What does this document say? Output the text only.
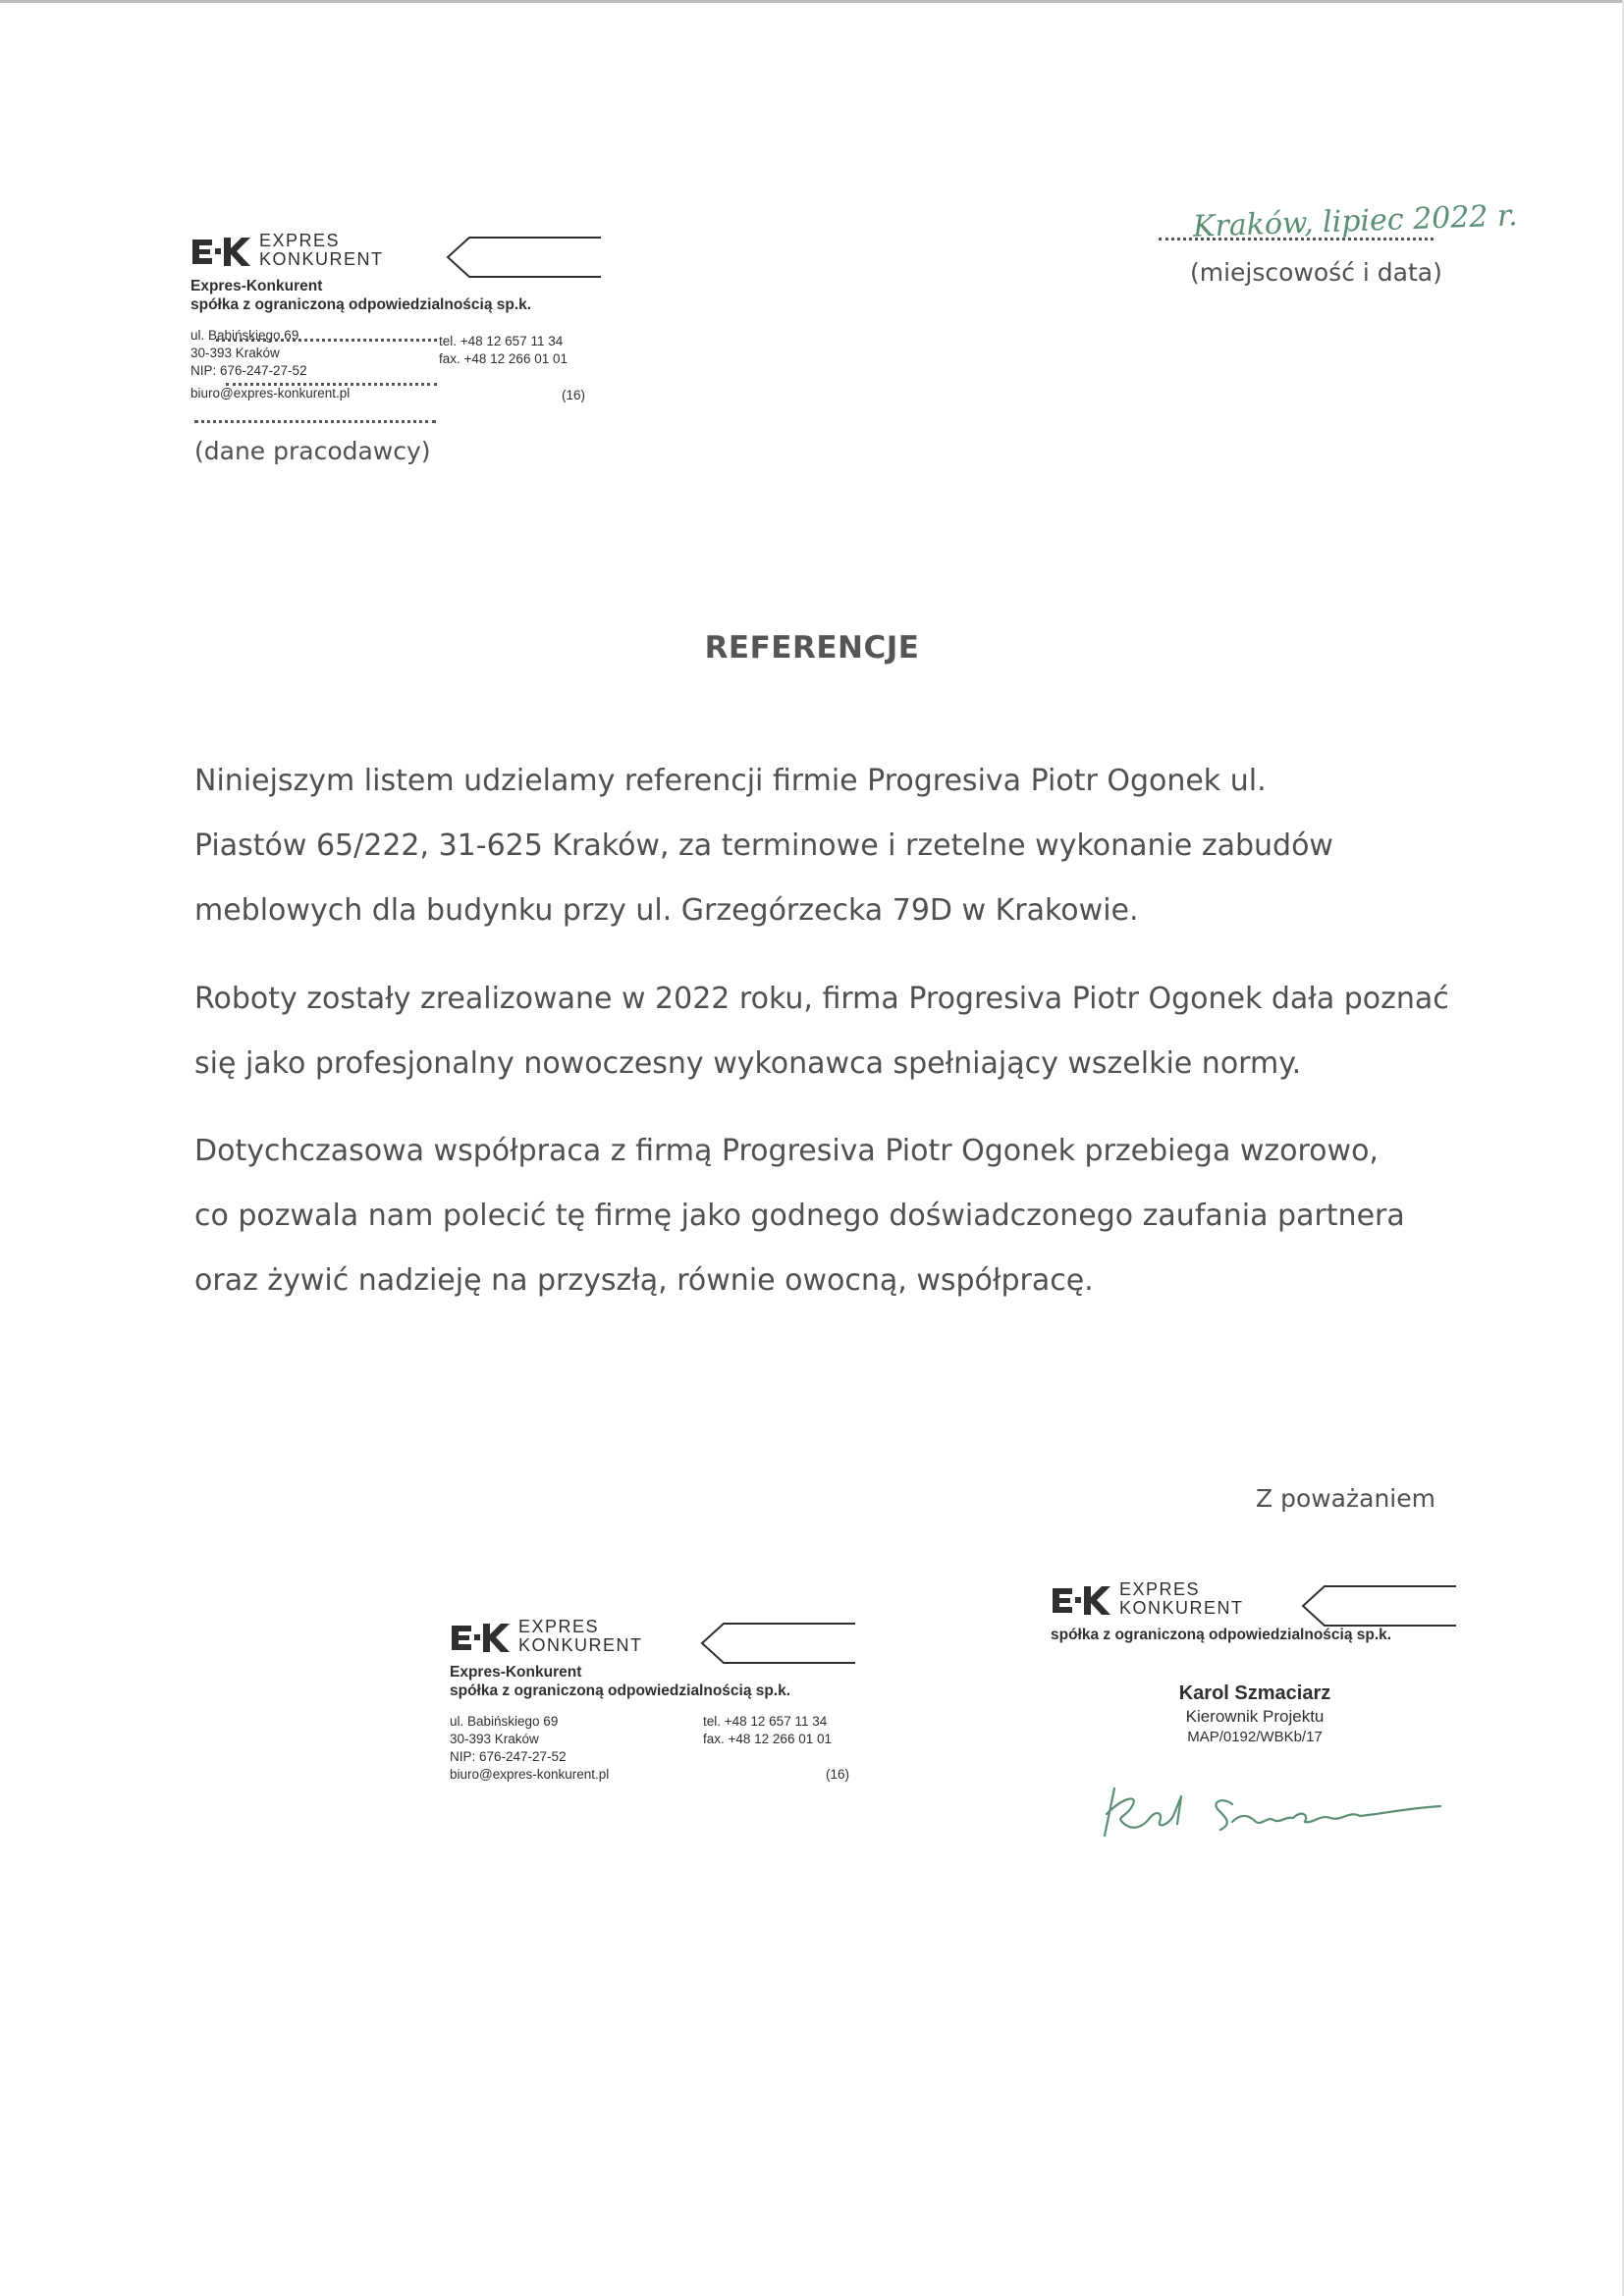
EXPRES
KONKURENT
Expres-Konkurent
spółka z ograniczoną odpowiedzialnością sp.k.
ul. Babińskiego 69
30-393 Kraków
NIP: 676-247-27-52
biuro@expres-konkurent.pl
tel. +48 12 657 11 34
fax. +48 12 266 01 01
(16)
(dane pracodawcy)
Kraków, lipiec 2022 r.
(miejscowość i data)
REFERENCJE

Niniejszym listem udzielamy referencji firmie Progresiva Piotr Ogonek ul.

Piastów 65/222, 31-625 Kraków, za terminowe i rzetelne wykonanie zabudów

meblowych dla budynku przy ul. Grzegórzecka 79D w Krakowie.

Roboty zostały zrealizowane w 2022 roku, firma Progresiva Piotr Ogonek dała poznać

się jako profesjonalny nowoczesny wykonawca spełniający wszelkie normy.

Dotychczasowa współpraca z firmą Progresiva Piotr Ogonek przebiega wzorowo,

co pozwala nam polecić tę firmę jako godnego doświadczonego zaufania partnera

oraz żywić nadzieję na przyszłą, równie owocną, współpracę.

Z poważaniem
EXPRES
KONKURENT
Expres-Konkurent
spółka z ograniczoną odpowiedzialnością sp.k.
ul. Babińskiego 69
30-393 Kraków
NIP: 676-247-27-52
biuro@expres-konkurent.pl
tel. +48 12 657 11 34
fax. +48 12 266 01 01
(16)
EXPRES
KONKURENT
spółka z ograniczoną odpowiedzialnością sp.k.
Karol Szmaciarz
Kierownik Projektu
MAP/0192/WBKb/17
